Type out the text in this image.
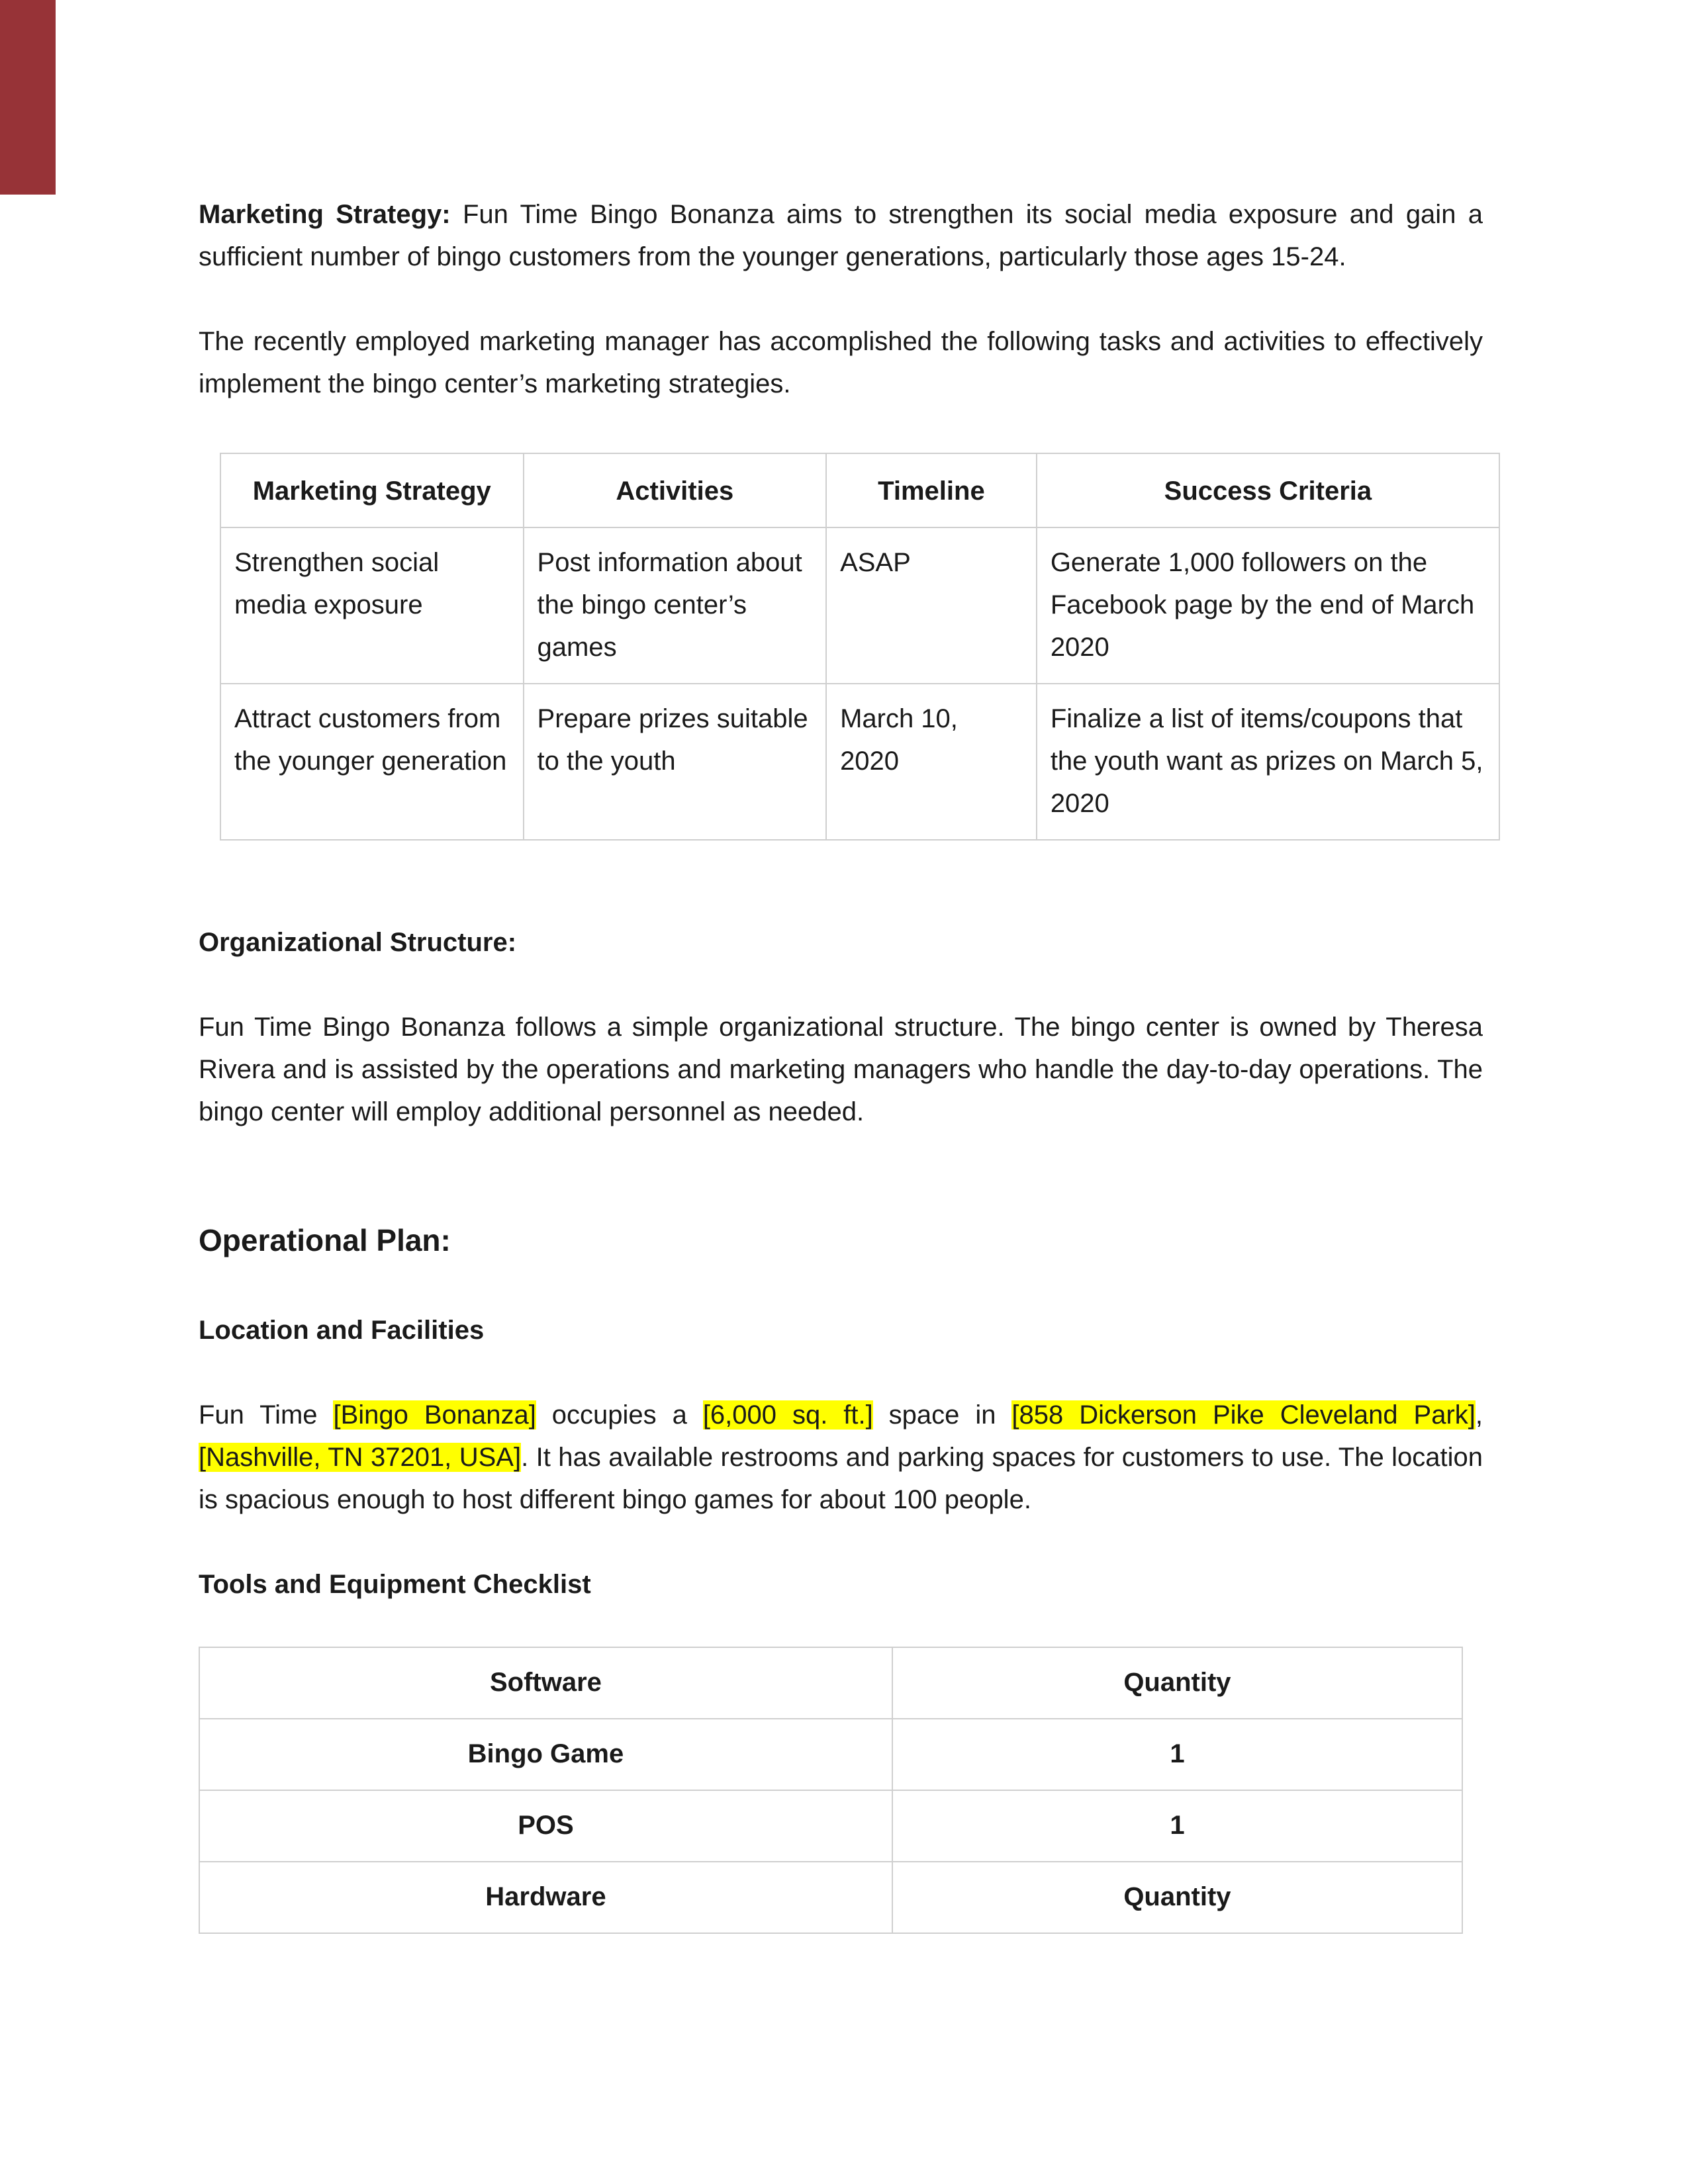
Marketing Strategy: Fun Time Bingo Bonanza aims to strengthen its social media exposure and gain a sufficient number of bingo customers from the younger generations, particularly those ages 15-24.

The recently employed marketing manager has accomplished the following tasks and activities to effectively implement the bingo center’s marketing strategies.

Marketing Strategy	Activities	Timeline	Success Criteria
Strengthen social media exposure	Post information about the bingo center’s games	ASAP	Generate 1,000 followers on the Facebook page by the end of March 2020
Attract customers from the younger generation	Prepare prizes suitable to the youth	March 10, 2020	Finalize a list of items/coupons that the youth want as prizes on March 5, 2020

Organizational Structure:

Fun Time Bingo Bonanza follows a simple organizational structure. The bingo center is owned by Theresa Rivera and is assisted by the operations and marketing managers who handle the day-to-day operations. The bingo center will employ additional personnel as needed.

Operational Plan:

Location and Facilities

Fun Time [Bingo Bonanza] occupies a [6,000 sq. ft.] space in [858 Dickerson Pike Cleveland Park], [Nashville, TN 37201, USA]. It has available restrooms and parking spaces for customers to use. The location is spacious enough to host different bingo games for about 100 people.

Tools and Equipment Checklist

Software	Quantity
Bingo Game	1
POS	1
Hardware	Quantity
